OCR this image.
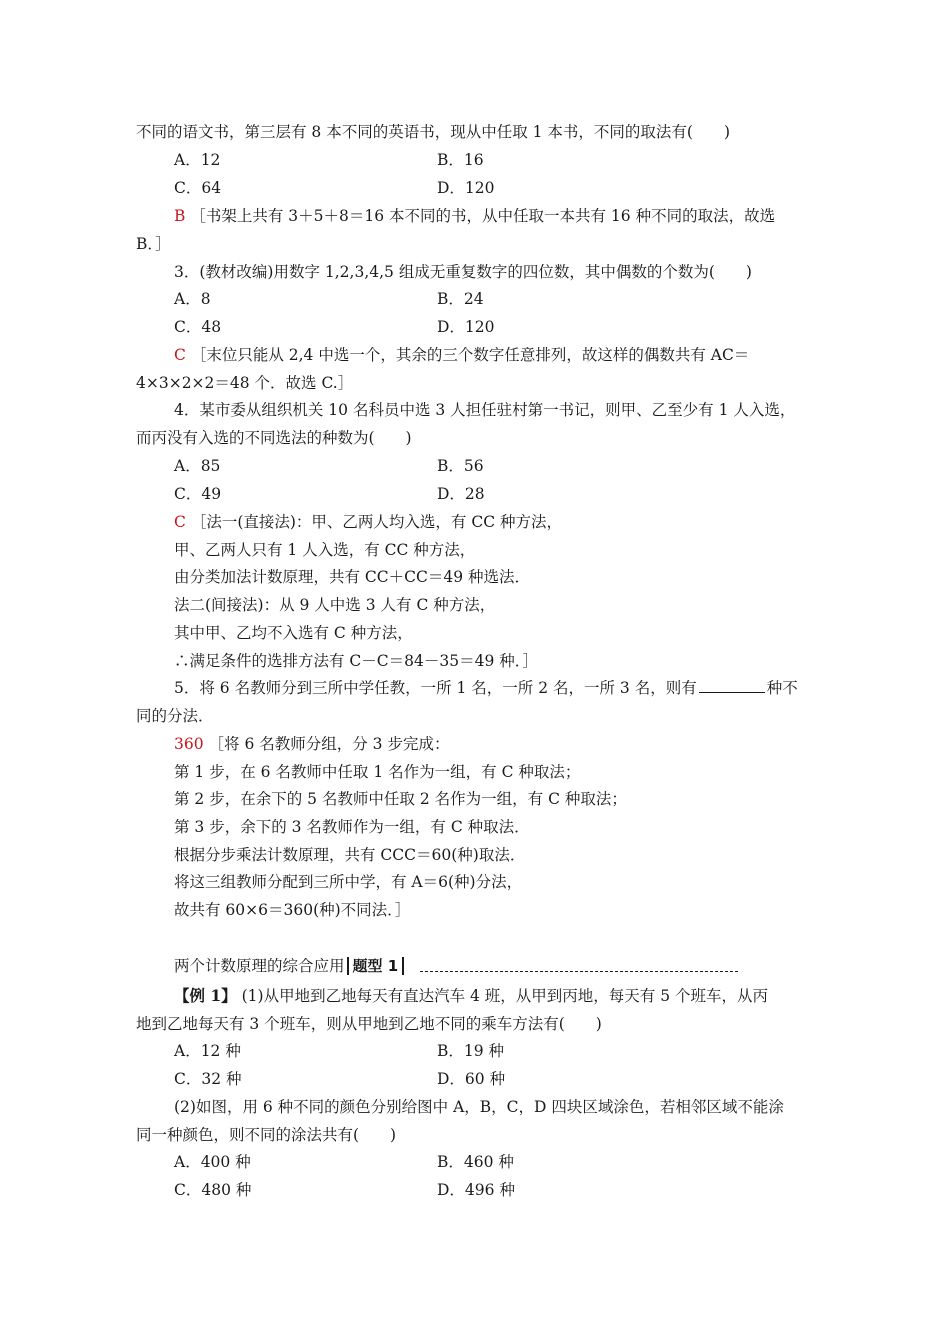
不同的语文书，第三层有 8 本不同的英语书，现从中任取 1 本书，不同的取法有(　　)
A．12	B．16
C．64	D．120
B ［书架上共有 3＋5＋8＝16 本不同的书，从中任取一本共有 16 种不同的取法，故选
B．］
3．(教材改编)用数字 1,2,3,4,5 组成无重复数字的四位数，其中偶数的个数为(　　)
A．8	B．24
C．48	D．120
C ［末位只能从 2,4 中选一个，其余的三个数字任意排列，故这样的偶数共有 AC＝
4×3×2×2＝48 个．故选 C.］
4．某市委从组织机关 10 名科员中选 3 人担任驻村第一书记，则甲、乙至少有 1 人入选，
而丙没有入选的不同选法的种数为(　　)
A．85	B．56
C．49	D．28
C ［法一(直接法)：甲、乙两人均入选，有 CC 种方法，
甲、乙两人只有 1 人入选，有 CC 种方法，
由分类加法计数原理，共有 CC＋CC＝49 种选法．
法二(间接法)：从 9 人中选 3 人有 C 种方法，
其中甲、乙均不入选有 C 种方法，
∴满足条件的选排方法有 C－C＝84－35＝49 种．］
5．将 6 名教师分到三所中学任教，一所 1 名，一所 2 名，一所 3 名，则有	种不
同的分法．
360 ［将 6 名教师分组，分 3 步完成：
第 1 步，在 6 名教师中任取 1 名作为一组，有 C 种取法；
第 2 步，在余下的 5 名教师中任取 2 名作为一组，有 C 种取法；
第 3 步，余下的 3 名教师作为一组，有 C 种取法．
根据分步乘法计数原理，共有 CCC＝60(种)取法．
将这三组教师分配到三所中学，有 A＝6(种)分法，
故共有 60×6＝360(种)不同法．］
两个计数原理的综合应用 题型 1
【例 1】 (1)从甲地到乙地每天有直达汽车 4 班，从甲到丙地，每天有 5 个班车，从丙
地到乙地每天有 3 个班车，则从甲地到乙地不同的乘车方法有(　　)
A．12 种	B．19 种
C．32 种	D．60 种
(2)如图，用 6 种不同的颜色分别给图中 A，B，C，D 四块区域涂色，若相邻区域不能涂
同一种颜色，则不同的涂法共有(　　)
A．400 种	B．460 种
C．480 种	D．496 种
